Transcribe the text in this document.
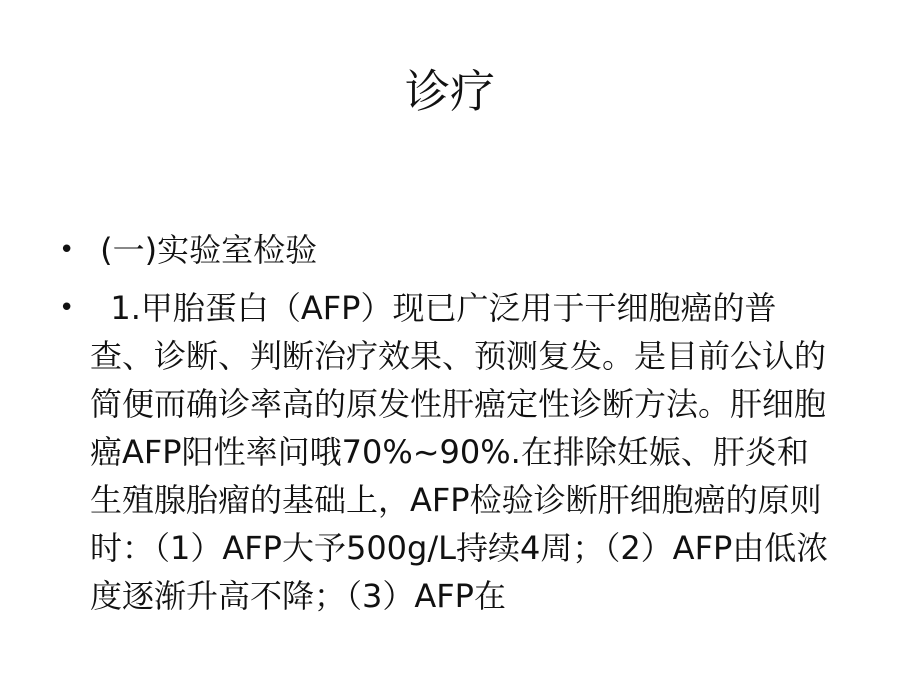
诊疗
• (一)实验室检验
• 1.甲胎蛋白（AFP）现已广泛用于干细胞癌的普查、诊断、判断治疗效果、预测复发。是目前公认的简便而确诊率高的原发性肝癌定性诊断方法。肝细胞癌AFP阳性率问哦70%~90%.在排除妊娠、肝炎和生殖腺胎瘤的基础上，AFP检验诊断肝细胞癌的原则时：（1）AFP大予500g/L持续4周；（2）AFP由低浓度逐渐升高不降；（3）AFP在
